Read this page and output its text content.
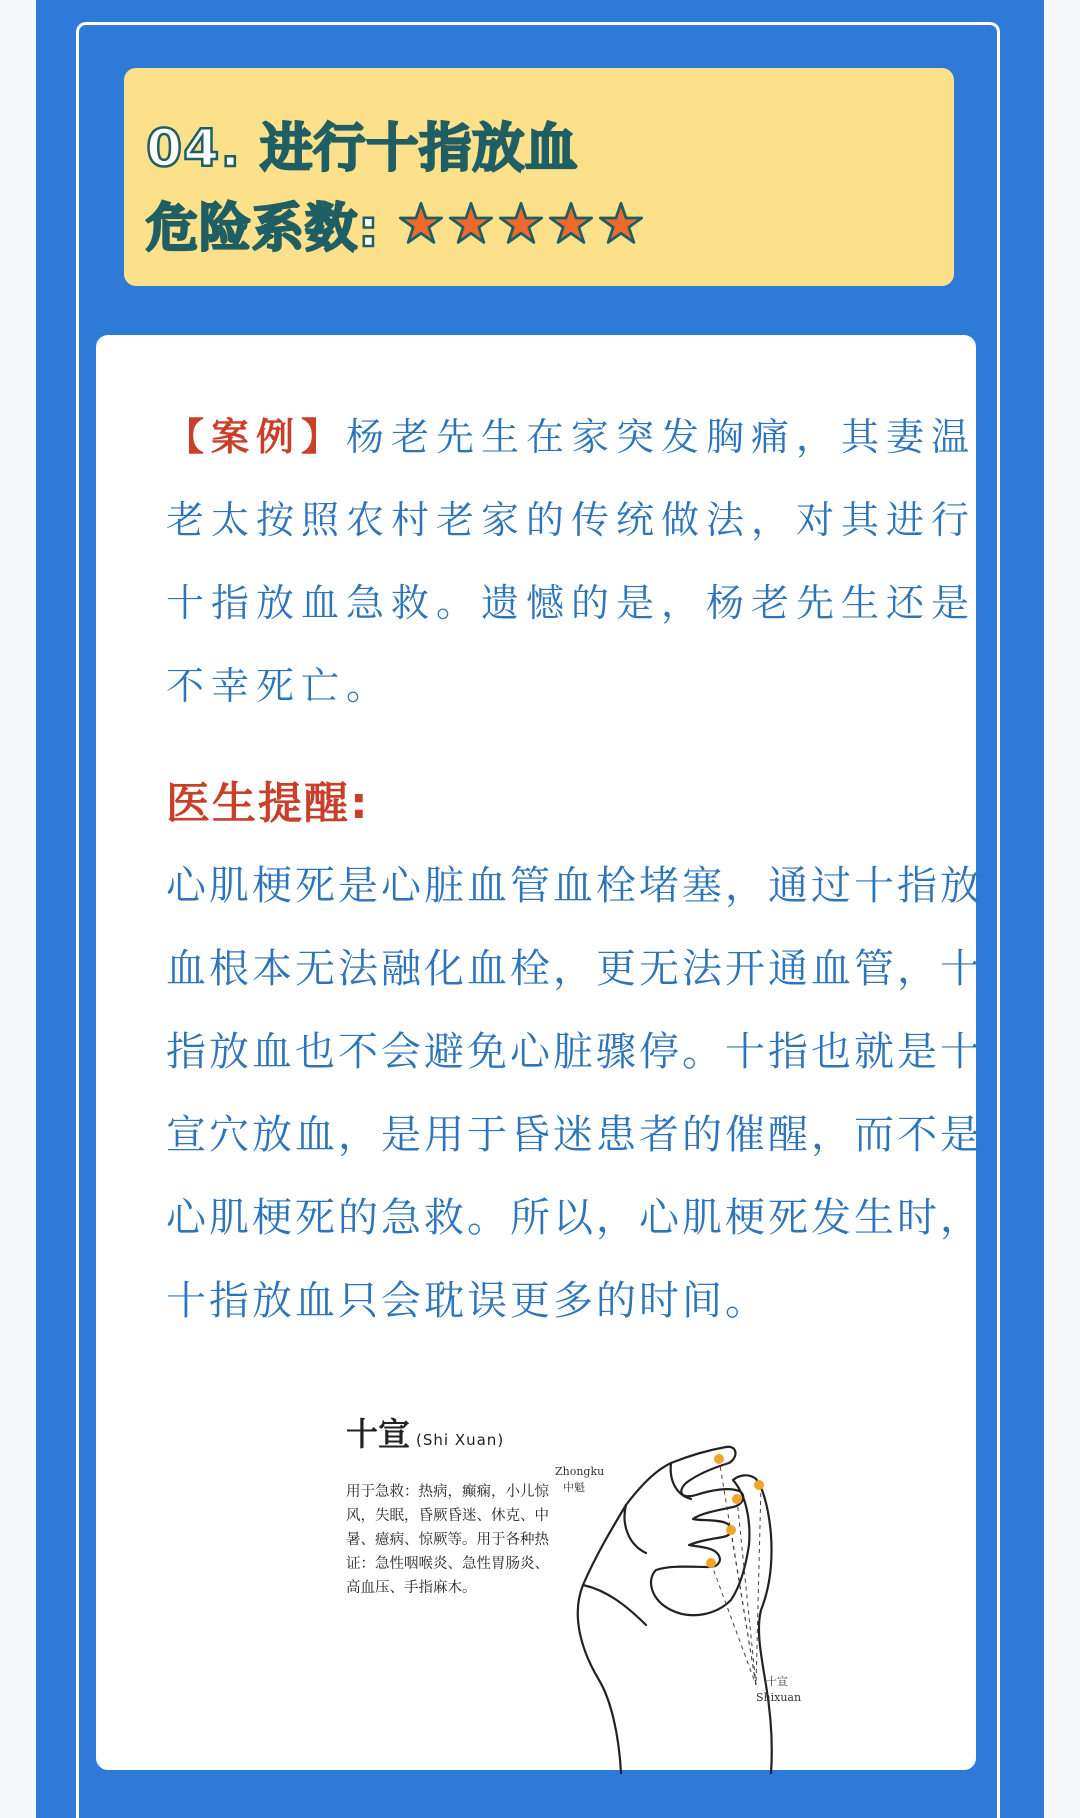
04. 进行十指放血
危险系数:
【案例】杨老先生在家突发胸痛，其妻温老太按照农村老家的传统做法，对其进行十指放血急救。遗憾的是，杨老先生还是不幸死亡。
医生提醒:
心肌梗死是心脏血管血栓堵塞，通过十指放血根本无法融化血栓，更无法开通血管，十指放血也不会避免心脏骤停。十指也就是十宣穴放血，是用于昏迷患者的催醒，而不是心肌梗死的急救。所以，心肌梗死发生时，十指放血只会耽误更多的时间。
十宣 (Shi Xuan)
用于急救：热病，癫痫，小儿惊风，失眠，昏厥昏迷、休克、中暑、癔病、惊厥等。用于各种热证：急性咽喉炎、急性胃肠炎、高血压、手指麻木。
Zhongku
中魁
十宣
Shixuan
